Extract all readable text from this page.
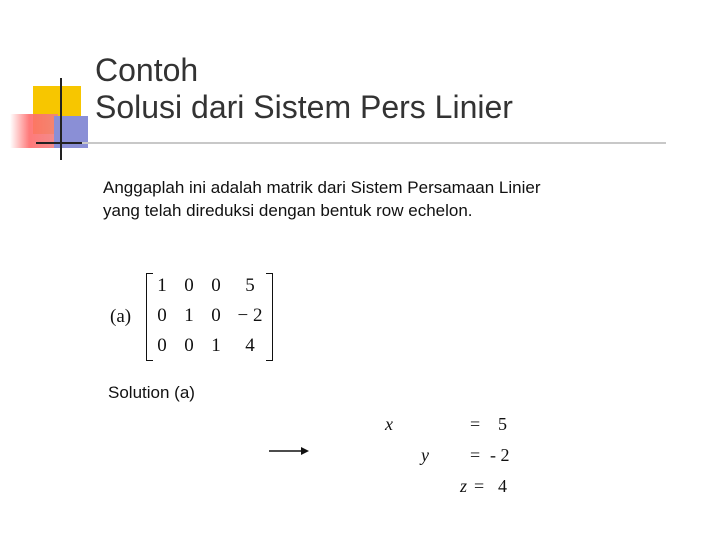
Contoh
Solusi dari Sistem Pers Linier
Anggaplah ini adalah matrik dari Sistem Persamaan Linier
yang telah direduksi dengan bentuk row echelon.
(a)
1 0 0	5
0 1 0 − 2
0 0 1	4
Solution (a)
x	= 5
y = - 2
z = 4
